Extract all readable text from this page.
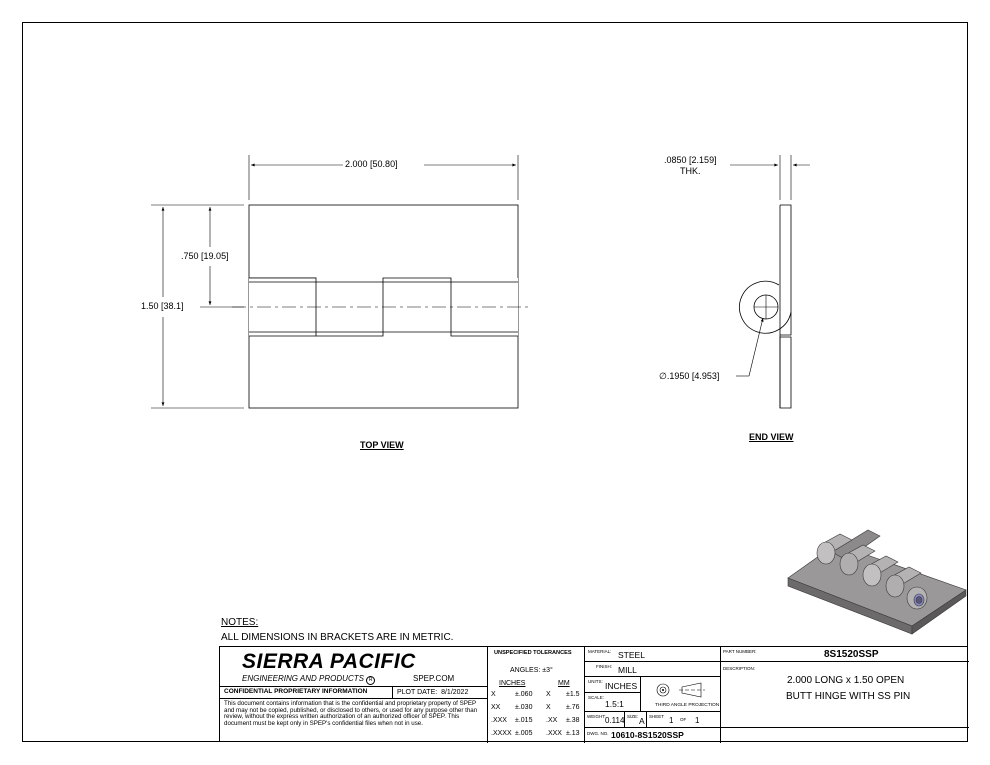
2.000 [50.80]
.750 [19.05]
1.50 [38.1]
.0850 [2.159]
THK.
∅.1950 [4.953]
TOP VIEW
END VIEW
NOTES:
ALL DIMENSIONS IN BRACKETS ARE IN METRIC.
SIERRA PACIFIC
ENGINEERING AND PRODUCTS R	SPEP.COM
CONFIDENTIAL PROPRIETARY INFORMATION	PLOT DATE: 8/1/2022
This document contains information that is the confidential and proprietary property of SPEP and may not be copied, published, or disclosed to others, or used for any purpose other than review, without the express written authorization of an authorized officer of SPEP. This document must be kept only in SPEP's confidential files when not in use.
UNSPECIFIED TOLERANCES
ANGLES: ±3°
INCHES	MM
X	±.060 X ±1.5
XX ±.030 X ±.76
.XXX ±.015 .XX ±.38
.XXXX ±.005 .XXX ±.13
MATERIAL: STEEL
FINISH: MILL
UNITS: INCHES
SCALE:
1.5:1	THIRD ANGLE PROJECTION
WEIGHT: 0.114 SIZE: A SHEET 1 OF 1
DWG. NO. 10610-8S1520SSP
PART NUMBER:	8S1520SSP
DESCRIPTION:
2.000 LONG x 1.50 OPEN
BUTT HINGE WITH SS PIN
